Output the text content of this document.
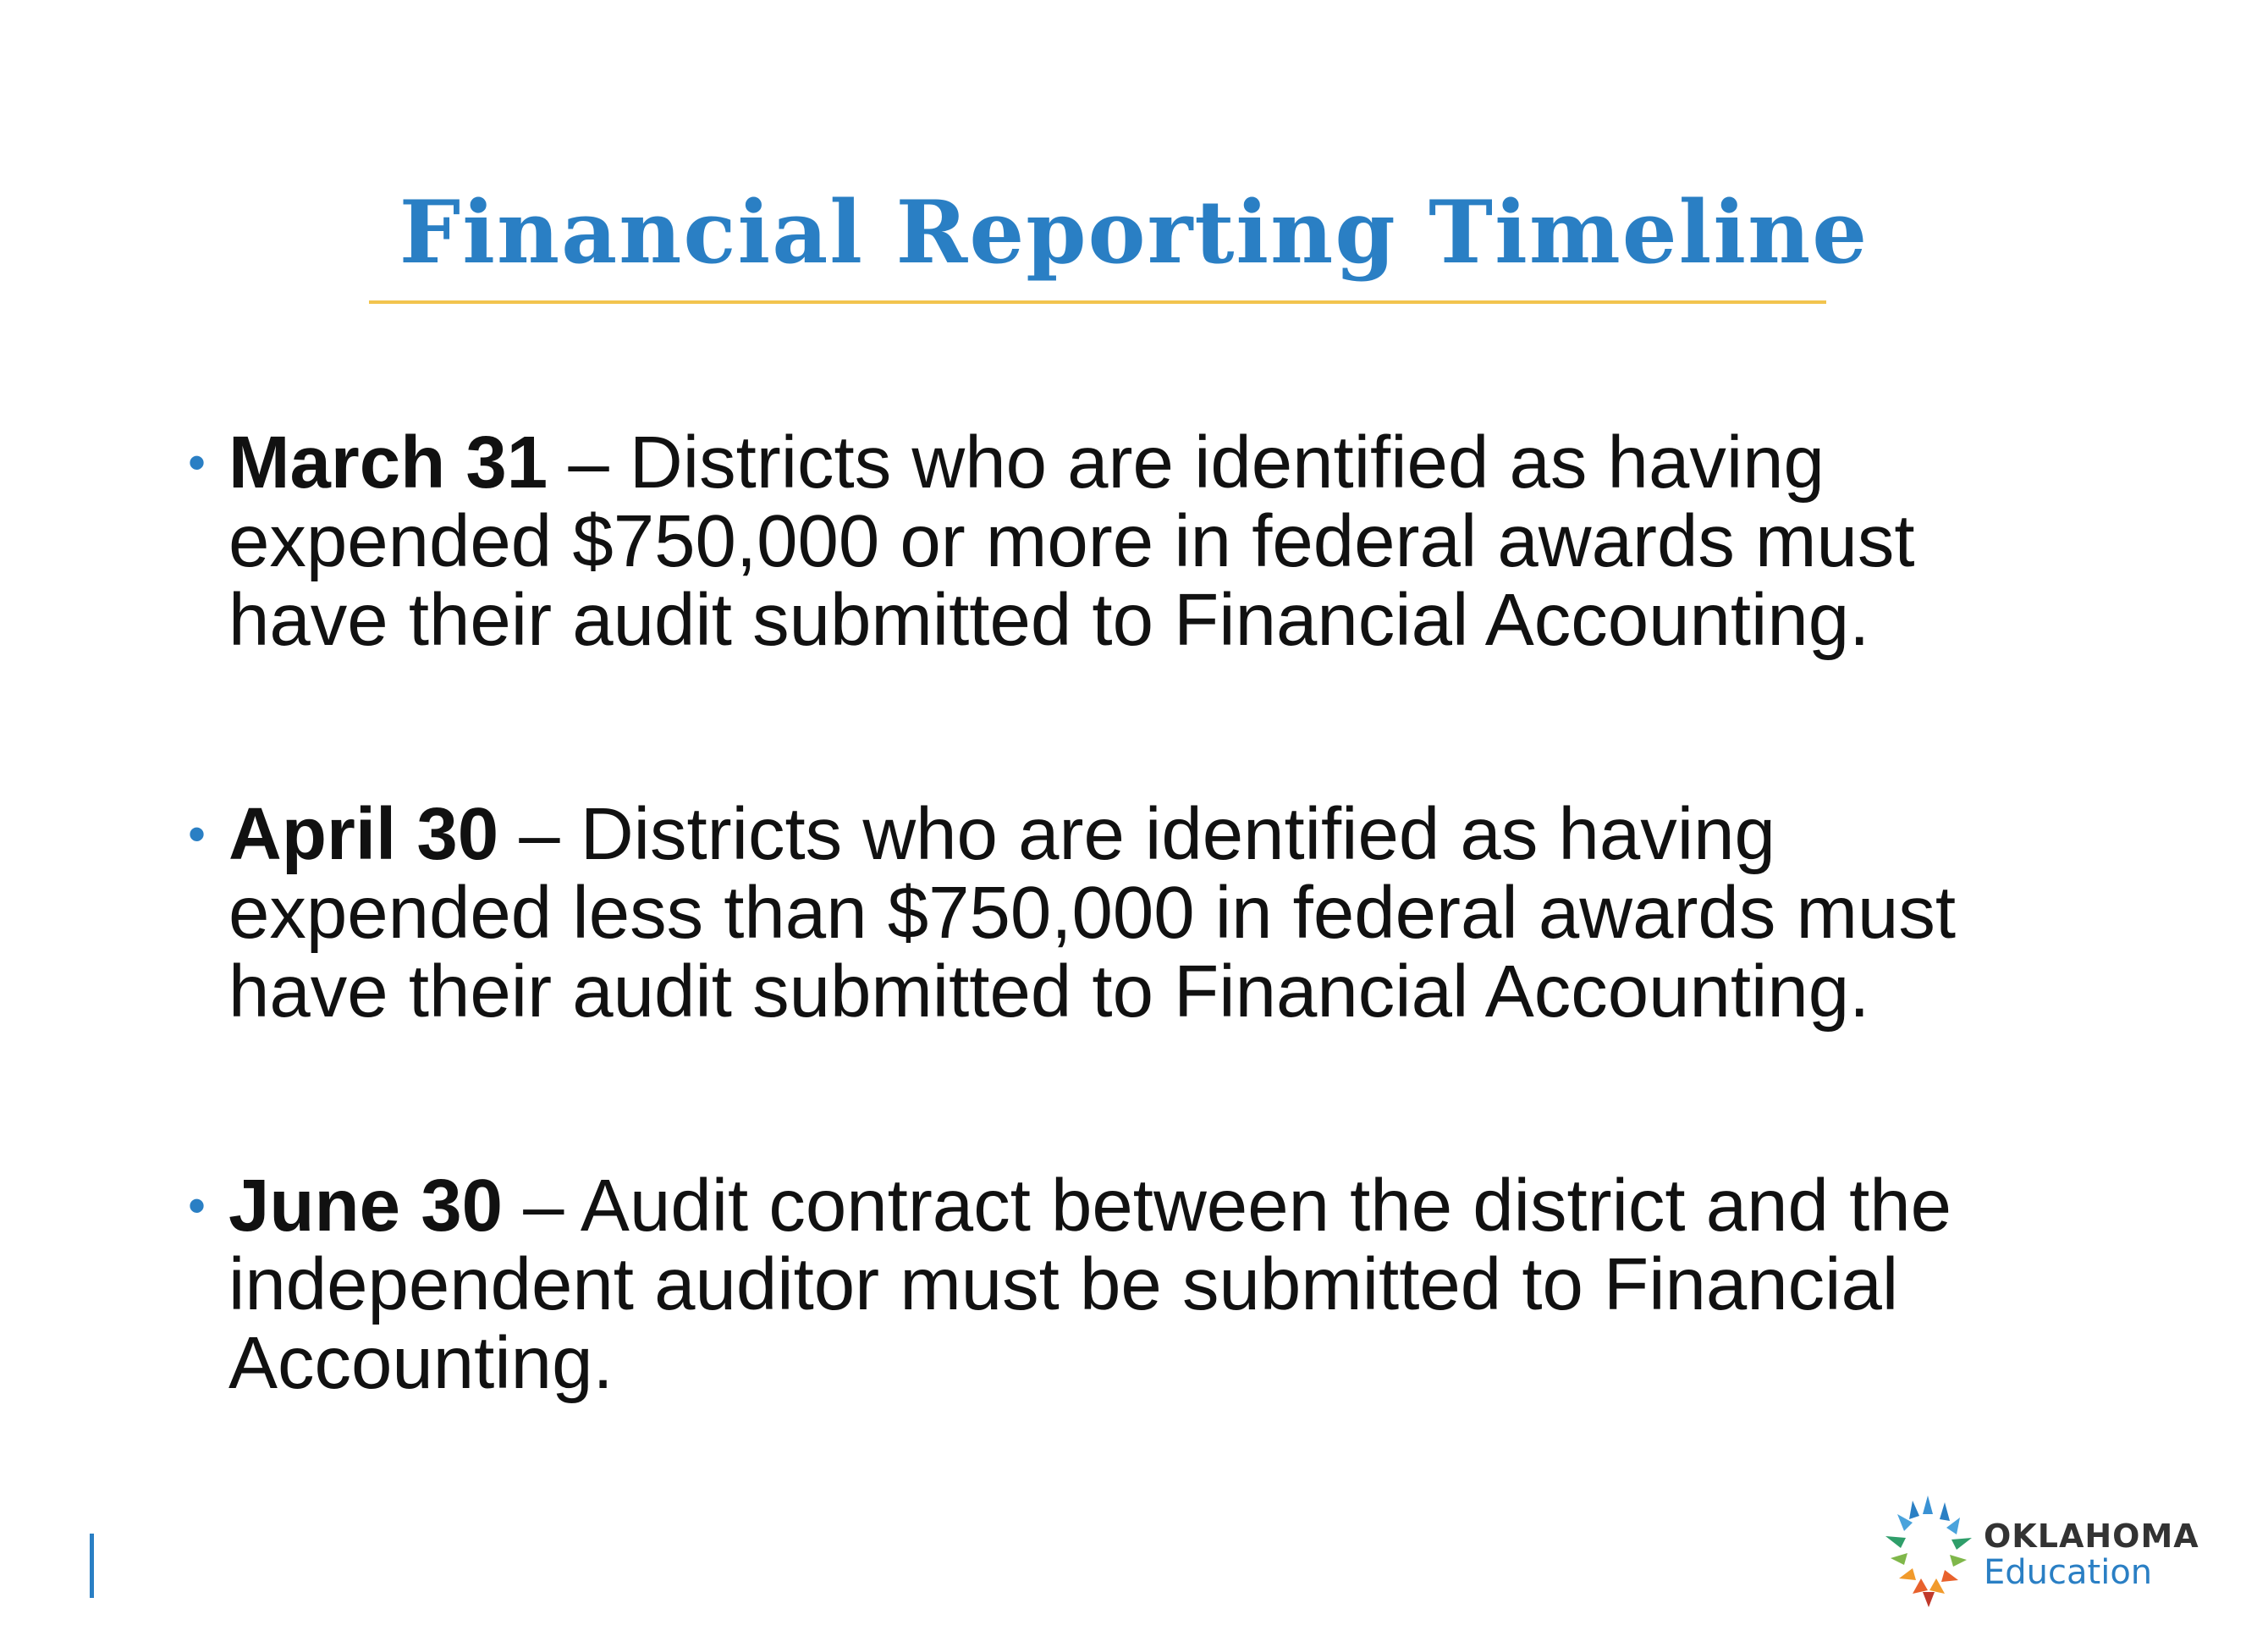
Financial Reporting Timeline
• March 31 – Districts who are identified as having expended $750,000 or more in federal awards must have their audit submitted to Financial Accounting.
• April 30 – Districts who are identified as having expended less than $750,000 in federal awards must have their audit submitted to Financial Accounting.
• June 30 – Audit contract between the district and the independent auditor must be submitted to Financial Accounting.
OKLAHOMA
Education
